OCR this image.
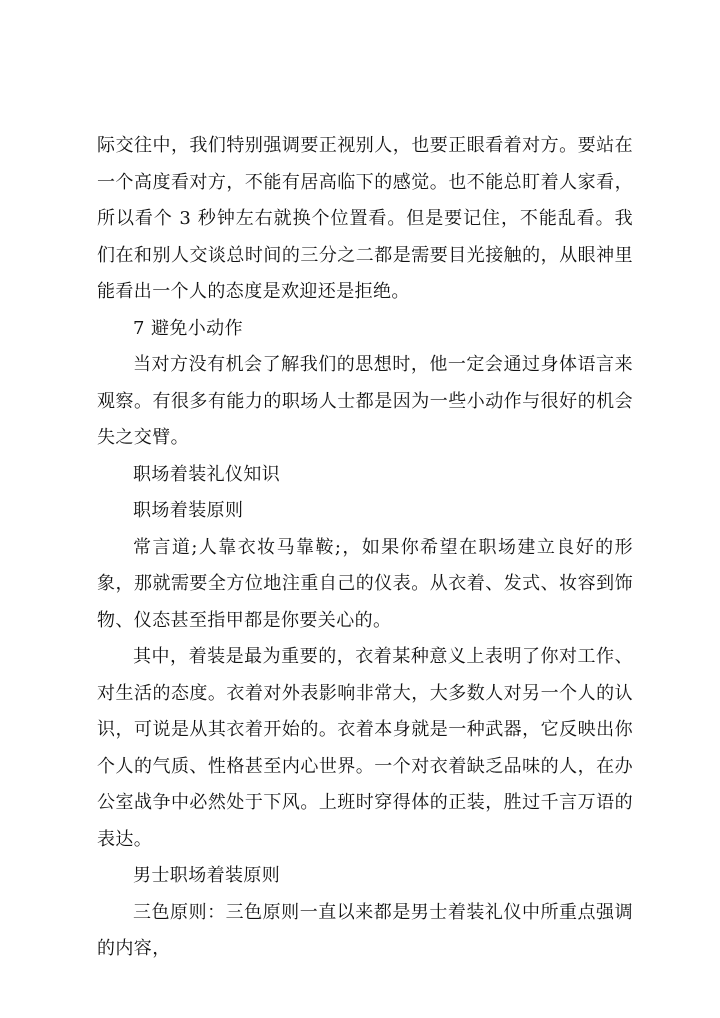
际交往中，我们特别强调要正视别人，也要正眼看着对方。要站在一个高度看对方，不能有居高临下的感觉。也不能总盯着人家看，所以看个 3 秒钟左右就换个位置看。但是要记住，不能乱看。我们在和别人交谈总时间的三分之二都是需要目光接触的，从眼神里能看出一个人的态度是欢迎还是拒绝。

7 避免小动作

当对方没有机会了解我们的思想时，他一定会通过身体语言来观察。有很多有能力的职场人士都是因为一些小动作与很好的机会失之交臂。

职场着装礼仪知识

职场着装原则

常言道;人靠衣妆马靠鞍;，如果你希望在职场建立良好的形象，那就需要全方位地注重自己的仪表。从衣着、发式、妆容到饰物、仪态甚至指甲都是你要关心的。

其中，着装是最为重要的，衣着某种意义上表明了你对工作、对生活的态度。衣着对外表影响非常大，大多数人对另一个人的认识，可说是从其衣着开始的。衣着本身就是一种武器，它反映出你个人的气质、性格甚至内心世界。一个对衣着缺乏品味的人，在办公室战争中必然处于下风。上班时穿得体的正装，胜过千言万语的表达。

男士职场着装原则

三色原则：三色原则一直以来都是男士着装礼仪中所重点强调的内容，
